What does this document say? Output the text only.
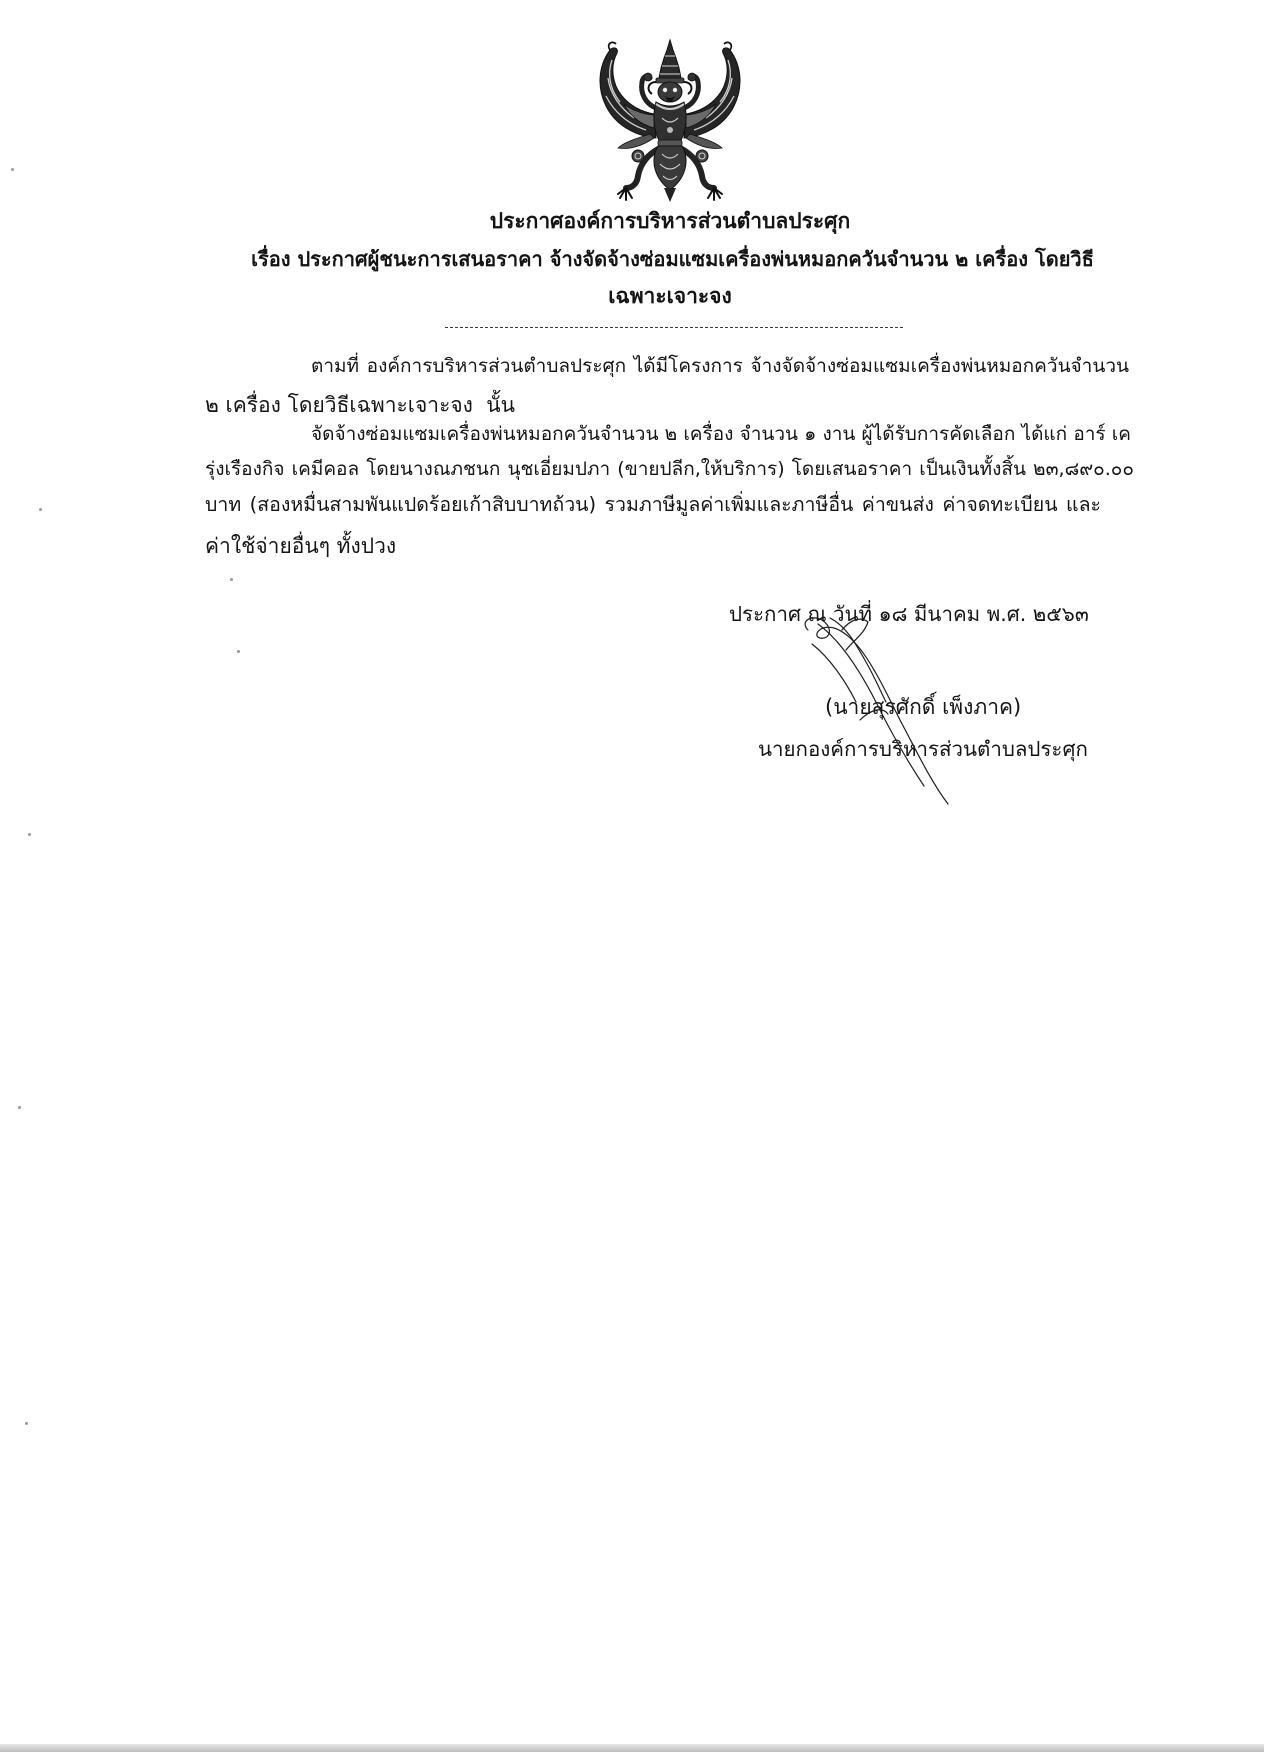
ประกาศองค์การบริหารส่วนตำบลประศุก
เรื่อง ประกาศผู้ชนะการเสนอราคา จ้างจัดจ้างซ่อมแซมเครื่องพ่นหมอกควันจำนวน ๒ เครื่อง โดยวิธี
เฉพาะเจาะจง
ตามที่ องค์การบริหารส่วนตำบลประศุก ได้มีโครงการ จ้างจัดจ้างซ่อมแซมเครื่องพ่นหมอกควันจำนวน
๒ เครื่อง โดยวิธีเฉพาะเจาะจง  นั้น
จัดจ้างซ่อมแซมเครื่องพ่นหมอกควันจำนวน ๒ เครื่อง จำนวน ๑ งาน ผู้ได้รับการคัดเลือก ได้แก่ อาร์ เค
รุ่งเรืองกิจ เคมีคอล โดยนางณภชนก นุชเอี่ยมปภา (ขายปลีก,ให้บริการ) โดยเสนอราคา เป็นเงินทั้งสิ้น ๒๓,๘๙๐.๐๐
บาท (สองหมื่นสามพันแปดร้อยเก้าสิบบาทถ้วน) รวมภาษีมูลค่าเพิ่มและภาษีอื่น ค่าขนส่ง ค่าจดทะเบียน และ
ค่าใช้จ่ายอื่นๆ ทั้งปวง
ประกาศ ณ วันที่ ๑๘ มีนาคม พ.ศ. ๒๕๖๓
(นายสุรศักดิ์ เพ็งภาค)
นายกองค์การบริหารส่วนตำบลประศุก
